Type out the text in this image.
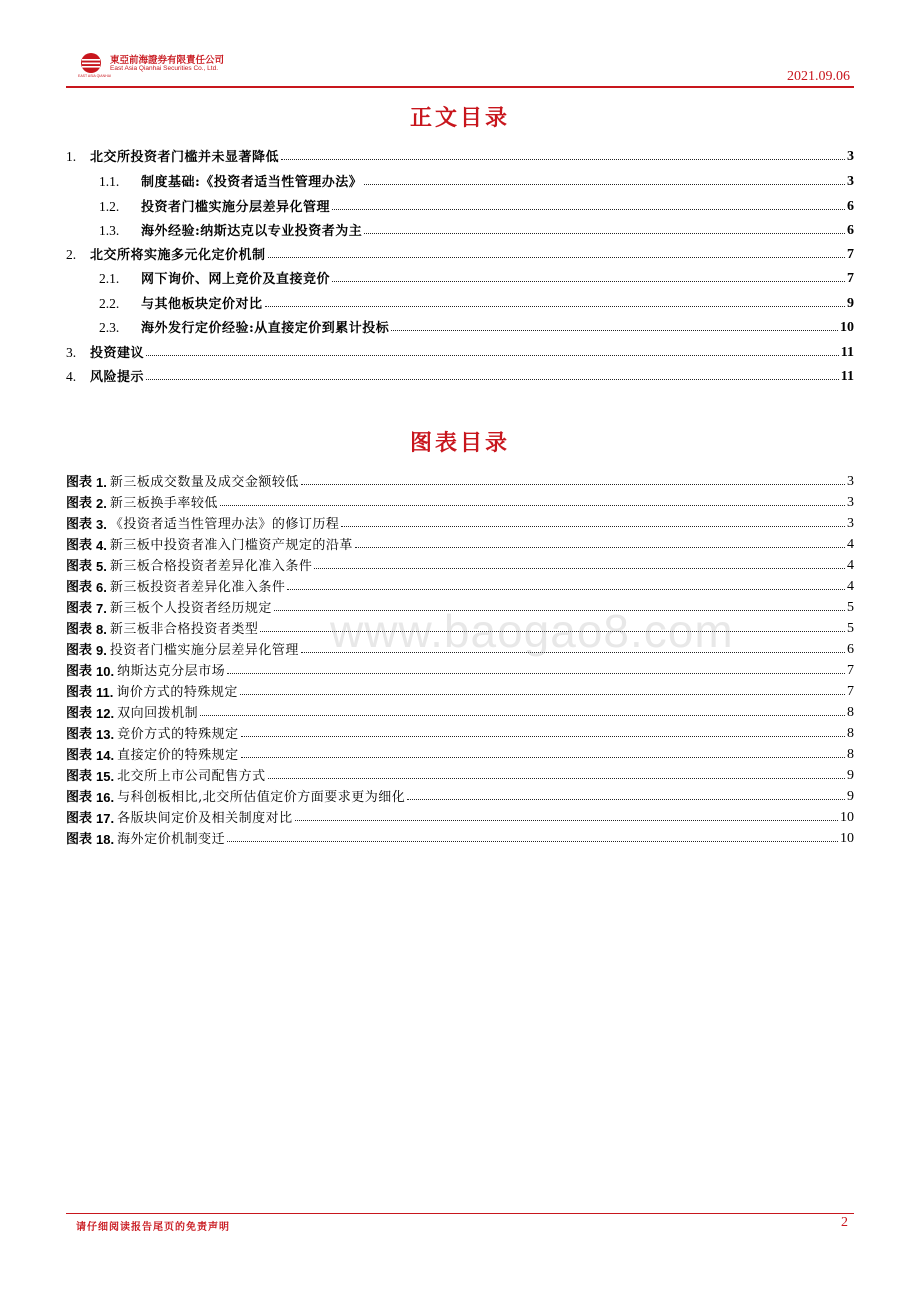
EAST ASIA QIANHAI
東亞前海證券有限責任公司
East Asia Qianhai Securities Co., Ltd.
2021.09.06
正文目录
1.	北交所投资者门槛并未显著降低	3
1.1.	制度基础:《投资者适当性管理办法》	3
1.2.	投资者门槛实施分层差异化管理	6
1.3.	海外经验:纳斯达克以专业投资者为主	6
2.	北交所将实施多元化定价机制	7
2.1.	网下询价、网上竞价及直接竞价	7
2.2.	与其他板块定价对比	9
2.3.	海外发行定价经验:从直接定价到累计投标	10
3.	投资建议	11
4.	风险提示	11
图表目录
图表 1. 新三板成交数量及成交金额较低	3
图表 2. 新三板换手率较低	3
图表 3. 《投资者适当性管理办法》的修订历程	3
图表 4. 新三板中投资者准入门槛资产规定的沿革	4
图表 5. 新三板合格投资者差异化准入条件	4
图表 6. 新三板投资者差异化准入条件	4
图表 7. 新三板个人投资者经历规定	5
图表 8. 新三板非合格投资者类型	5
图表 9. 投资者门槛实施分层差异化管理	6
图表 10. 纳斯达克分层市场	7
图表 11. 询价方式的特殊规定	7
图表 12. 双向回拨机制	8
图表 13. 竞价方式的特殊规定	8
图表 14. 直接定价的特殊规定	8
图表 15. 北交所上市公司配售方式	9
图表 16. 与科创板相比,北交所估值定价方面要求更为细化	9
图表 17. 各版块间定价及相关制度对比	10
图表 18. 海外定价机制变迁	10
www.baogao8.com
请仔细阅读报告尾页的免责声明	2
